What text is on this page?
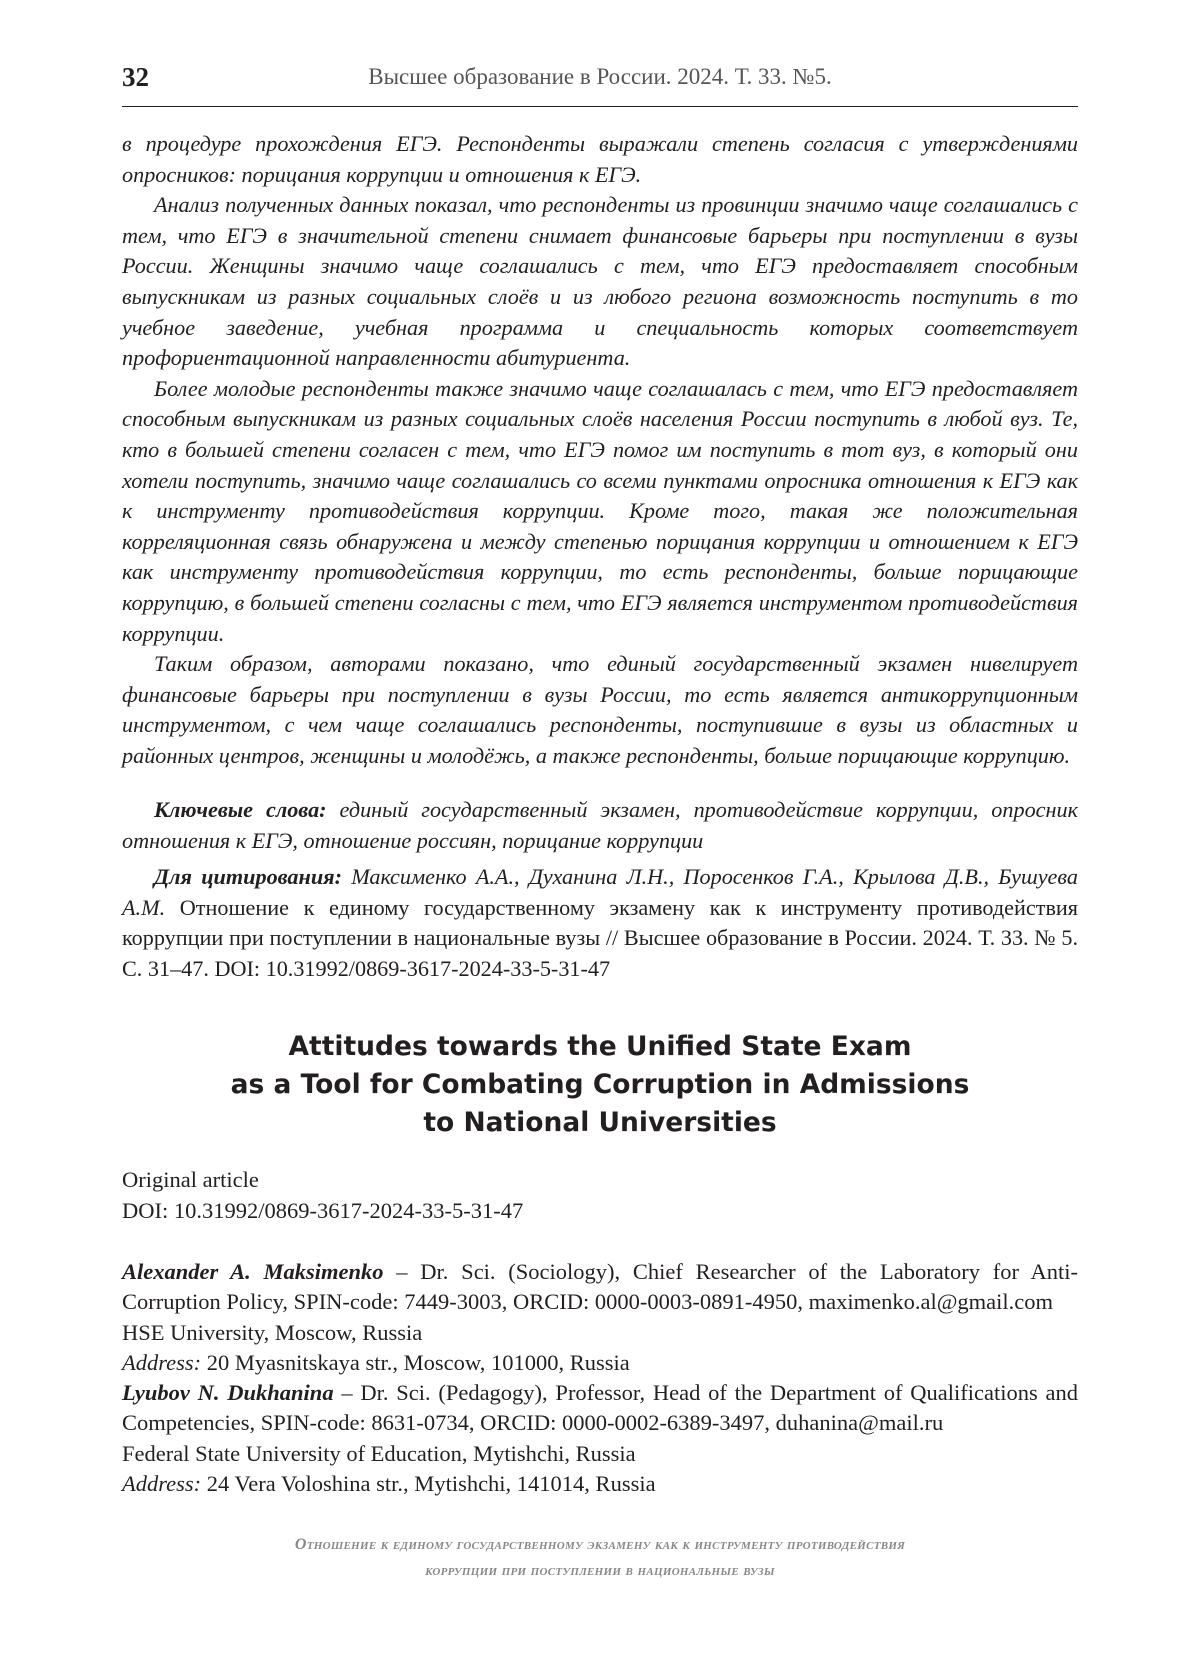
32	Высшее образование в России. 2024. Т. 33. №5.

в процедуре прохождения ЕГЭ. Респонденты выражали степень согласия с утверждениями опросников: порицания коррупции и отношения к ЕГЭ.

Анализ полученных данных показал, что респонденты из провинции значимо чаще соглашались с тем, что ЕГЭ в значительной степени снимает финансовые барьеры при поступлении в вузы России. Женщины значимо чаще соглашались с тем, что ЕГЭ предоставляет способным выпускникам из разных социальных слоёв и из любого региона возможность поступить в то учебное заведение, учебная программа и специальность которых соответствует профориентационной направленности абитуриента.

Более молодые респонденты также значимо чаще соглашалась с тем, что ЕГЭ предоставляет способным выпускникам из разных социальных слоёв населения России поступить в любой вуз. Те, кто в большей степени согласен с тем, что ЕГЭ помог им поступить в тот вуз, в который они хотели поступить, значимо чаще соглашались со всеми пунктами опросника отношения к ЕГЭ как к инструменту противодействия коррупции. Кроме того, такая же положительная корреляционная связь обнаружена и между степенью порицания коррупции и отношением к ЕГЭ как инструменту противодействия коррупции, то есть респонденты, больше порицающие коррупцию, в большей степени согласны с тем, что ЕГЭ является инструментом противодействия коррупции.

Таким образом, авторами показано, что единый государственный экзамен нивелирует финансовые барьеры при поступлении в вузы России, то есть является антикоррупционным инструментом, с чем чаще соглашались респонденты, поступившие в вузы из областных и районных центров, женщины и молодёжь, а также респонденты, больше порицающие коррупцию.

Ключевые слова: единый государственный экзамен, противодействие коррупции, опросник отношения к ЕГЭ, отношение россиян, порицание коррупции

Для цитирования: Максименко А.А., Духанина Л.Н., Поросенков Г.А., Крылова Д.В., Бушуева А.М. Отношение к единому государственному экзамену как к инструменту противодействия коррупции при поступлении в национальные вузы // Высшее образование в России. 2024. Т. 33. № 5. С. 31–47. DOI: 10.31992/0869-3617-2024-33-5-31-47

Attitudes towards the Unified State Exam
as a Tool for Combating Corruption in Admissions
to National Universities
Original article
DOI: 10.31992/0869-3617-2024-33-5-31-47

Alexander A. Maksimenko – Dr. Sci. (Sociology), Chief Researcher of the Laboratory for Anti-Corruption Policy, SPIN-code: 7449-3003, ORCID: 0000-0003-0891-4950, maximenko.al@gmail.com

HSE University, Moscow, Russia

Address: 20 Myasnitskaya str., Moscow, 101000, Russia

Lyubov N. Dukhanina – Dr. Sci. (Pedagogy), Professor, Head of the Department of Qualifications and Competencies, SPIN-code: 8631-0734, ORCID: 0000-0002-6389-3497, duhanina@mail.ru

Federal State University of Education, Mytishchi, Russia

Address: 24 Vera Voloshina str., Mytishchi, 141014, Russia

Отношение к единому государственному экзамену как к инструменту противодействия
коррупции при поступлении в национальные вузы
